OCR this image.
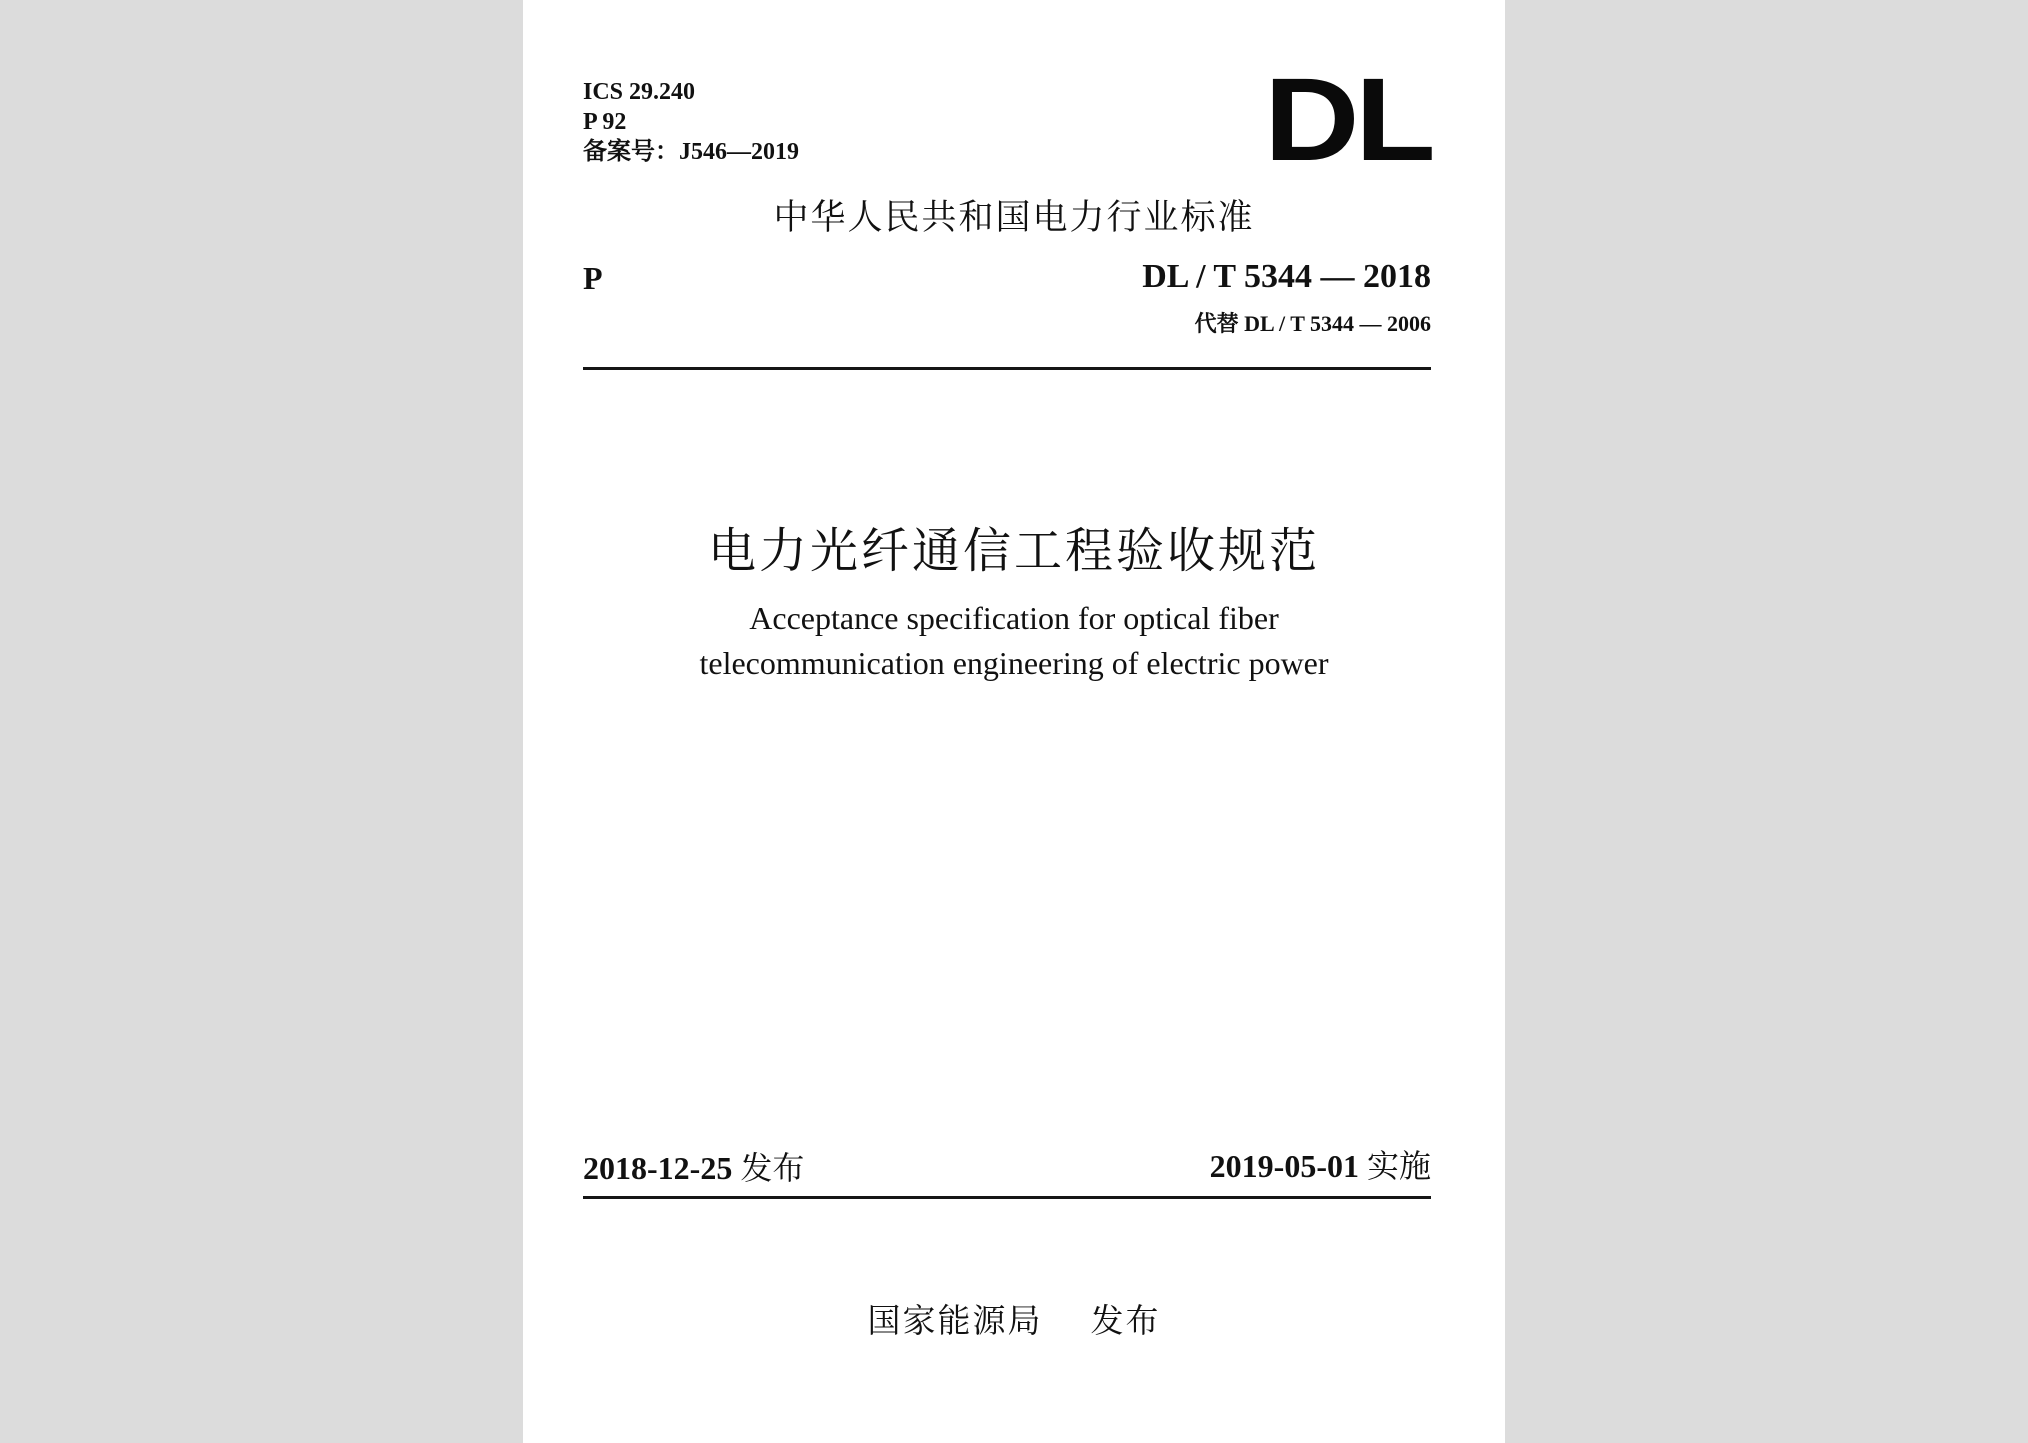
ICS 29.240
P 92
备案号：J546—2019	DL
中华人民共和国电力行业标准
P	DL / T 5344 — 2018
代替 DL / T 5344 — 2006
电力光纤通信工程验收规范
Acceptance specification for optical fiber
telecommunication engineering of electric power
2018-12-25 发布	2019-05-01 实施
国家能源局 发布
